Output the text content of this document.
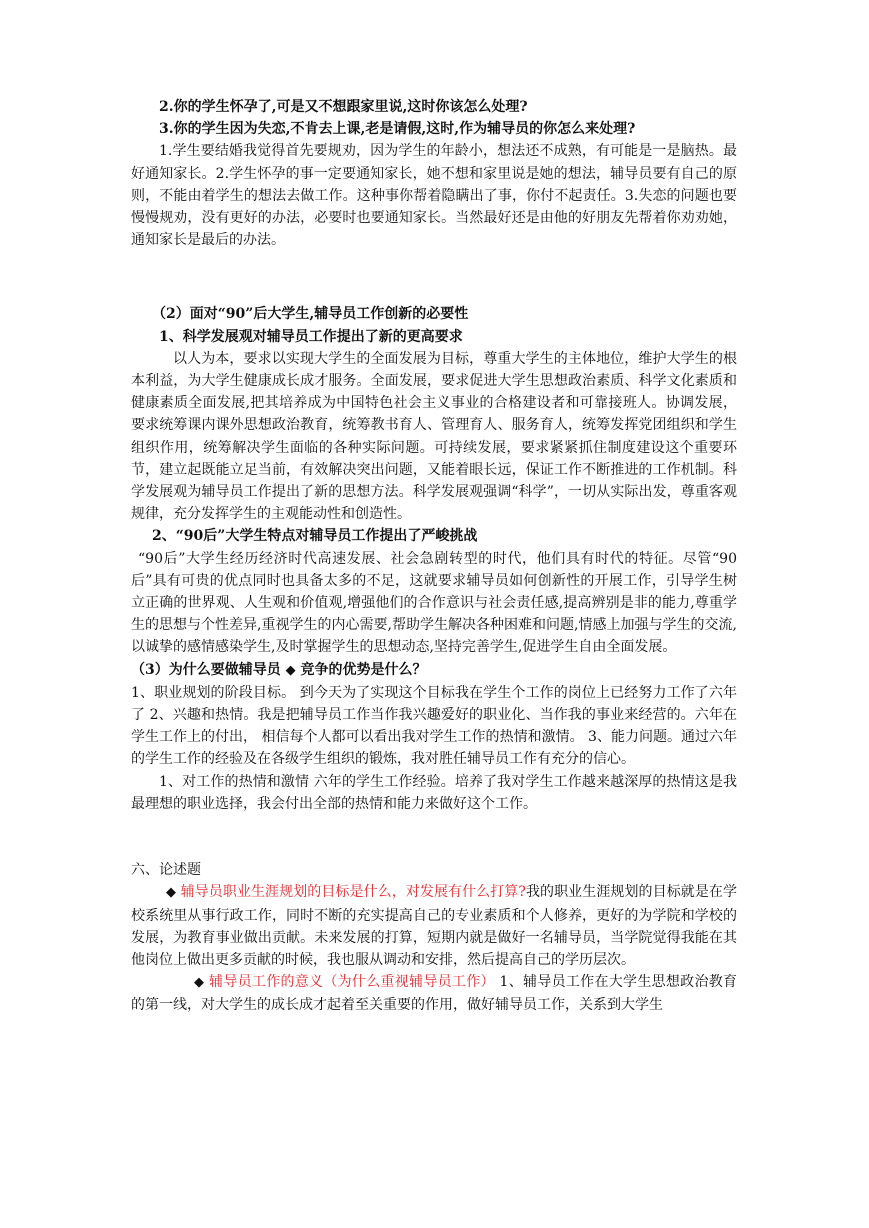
2.你的学生怀孕了,可是又不想跟家里说,这时你该怎么处理?

3.你的学生因为失恋,不肯去上课,老是请假,这时,作为辅导员的你怎么来处理?

1.学生要结婚我觉得首先要规劝，因为学生的年龄小，想法还不成熟，有可能是一是脑热。最好通知家长。2.学生怀孕的事一定要通知家长，她不想和家里说是她的想法，辅导员要有自己的原则，不能由着学生的想法去做工作。这种事你帮着隐瞒出了事，你付不起责任。3.失恋的问题也要慢慢规劝，没有更好的办法，必要时也要通知家长。当然最好还是由他的好朋友先帮着你劝劝她，通知家长是最后的办法。

（2）面对“90”后大学生,辅导员工作创新的必要性

1、科学发展观对辅导员工作提出了新的更高要求

以人为本，要求以实现大学生的全面发展为目标，尊重大学生的主体地位，维护大学生的根本利益，为大学生健康成长成才服务。全面发展，要求促进大学生思想政治素质、科学文化素质和健康素质全面发展,把其培养成为中国特色社会主义事业的合格建设者和可靠接班人。协调发展，要求统筹课内课外思想政治教育，统筹教书育人、管理育人、服务育人，统筹发挥党团组织和学生组织作用，统筹解决学生面临的各种实际问题。可持续发展，要求紧紧抓住制度建设这个重要环节，建立起既能立足当前，有效解决突出问题，又能着眼长远，保证工作不断推进的工作机制。科学发展观为辅导员工作提出了新的思想方法。科学发展观强调“科学”，一切从实际出发，尊重客观规律，充分发挥学生的主观能动性和创造性。

2、“90后”大学生特点对辅导员工作提出了严峻挑战

“90后”大学生经历经济时代高速发展、社会急剧转型的时代，他们具有时代的特征。尽管“90后”具有可贵的优点同时也具备太多的不足，这就要求辅导员如何创新性的开展工作，引导学生树立正确的世界观、人生观和价值观,增强他们的合作意识与社会责任感,提高辨别是非的能力,尊重学生的思想与个性差异,重视学生的内心需要,帮助学生解决各种困难和问题,情感上加强与学生的交流,以诚挚的感情感染学生,及时掌握学生的思想动态,坚持完善学生,促进学生自由全面发展。

（3）为什么要做辅导员 ◆ 竞争的优势是什么？

1、职业规划的阶段目标。 到今天为了实现这个目标我在学生个工作的岗位上已经努力工作了六年了 2、兴趣和热情。我是把辅导员工作当作我兴趣爱好的职业化、当作我的事业来经营的。六年在学生工作上的付出， 相信每个人都可以看出我对学生工作的热情和激情。 3、能力问题。通过六年的学生工作的经验及在各级学生组织的锻炼，我对胜任辅导员工作有充分的信心。

1、对工作的热情和激情 六年的学生工作经验。培养了我对学生工作越来越深厚的热情这是我最理想的职业选择，我会付出全部的热情和能力来做好这个工作。

六、论述题

◆ 辅导员职业生涯规划的目标是什么，对发展有什么打算?我的职业生涯规划的目标就是在学校系统里从事行政工作，同时不断的充实提高自己的专业素质和个人修养，更好的为学院和学校的发展，为教育事业做出贡献。未来发展的打算，短期内就是做好一名辅导员，当学院觉得我能在其他岗位上做出更多贡献的时候，我也服从调动和安排，然后提高自己的学历层次。

◆ 辅导员工作的意义（为什么重视辅导员工作） 1、辅导员工作在大学生思想政治教育的第一线，对大学生的成长成才起着至关重要的作用，做好辅导员工作，关系到大学生
